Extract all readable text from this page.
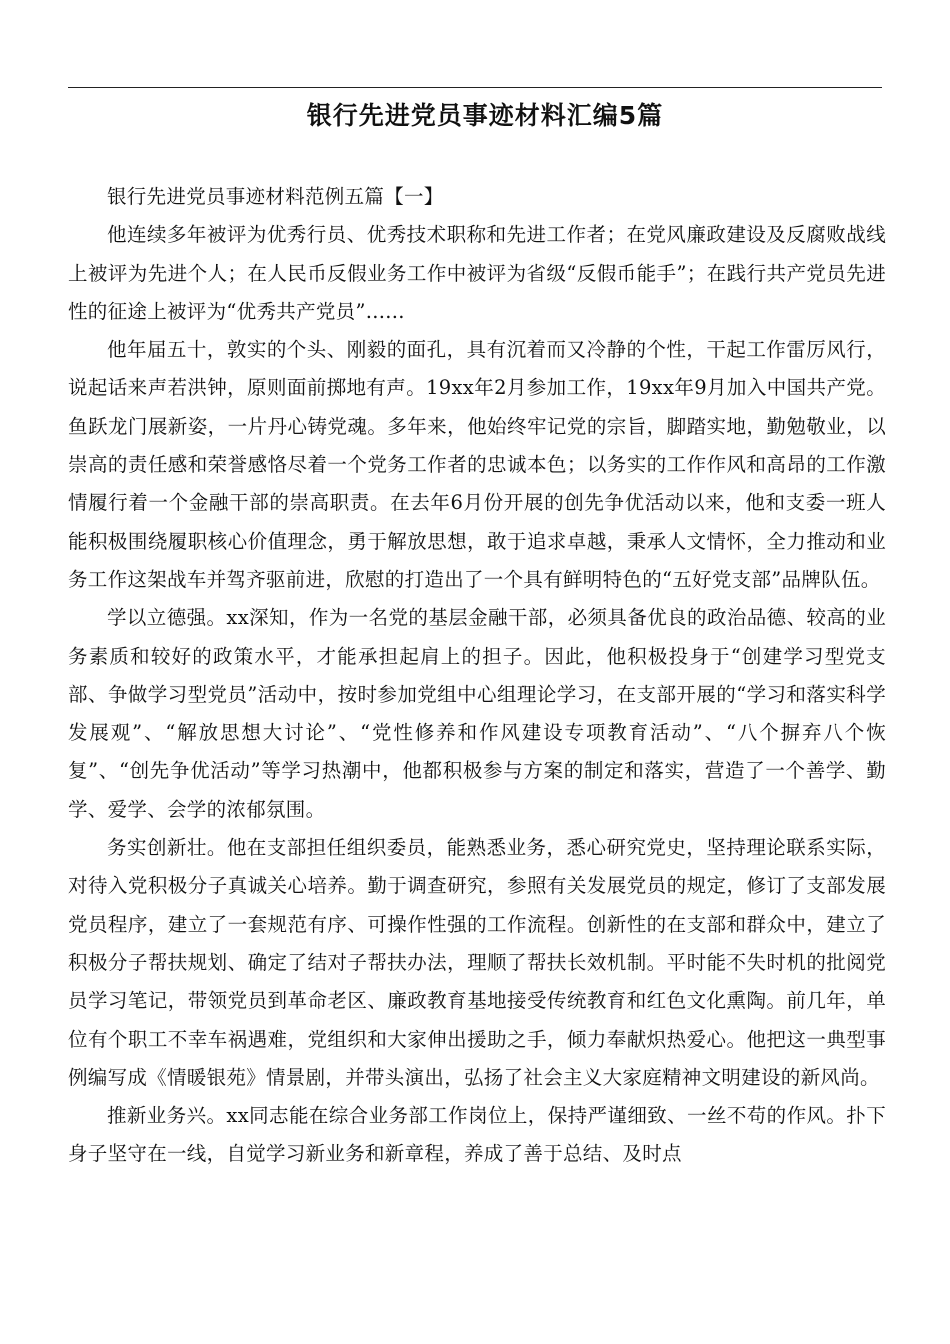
银行先进党员事迹材料汇编5篇

银行先进党员事迹材料范例五篇【一】

他连续多年被评为优秀行员、优秀技术职称和先进工作者；在党风廉政建设及反腐败战线上被评为先进个人；在人民币反假业务工作中被评为省级“反假币能手”；在践行共产党员先进性的征途上被评为“优秀共产党员”......

他年届五十，敦实的个头、刚毅的面孔，具有沉着而又冷静的个性，干起工作雷厉风行，说起话来声若洪钟，原则面前掷地有声。19xx年2月参加工作，19xx年9月加入中国共产党。鱼跃龙门展新姿，一片丹心铸党魂。多年来，他始终牢记党的宗旨，脚踏实地，勤勉敬业，以崇高的责任感和荣誉感恪尽着一个党务工作者的忠诚本色；以务实的工作作风和高昂的工作激情履行着一个金融干部的崇高职责。在去年6月份开展的创先争优活动以来，他和支委一班人能积极围绕履职核心价值理念，勇于解放思想，敢于追求卓越，秉承人文情怀，全力推动和业务工作这架战车并驾齐驱前进，欣慰的打造出了一个具有鲜明特色的“五好党支部”品牌队伍。

学以立德强。xx深知，作为一名党的基层金融干部，必须具备优良的政治品德、较高的业务素质和较好的政策水平，才能承担起肩上的担子。因此，他积极投身于“创建学习型党支部、争做学习型党员”活动中，按时参加党组中心组理论学习，在支部开展的“学习和落实科学发展观”、“解放思想大讨论”、“党性修养和作风建设专项教育活动”、“八个摒弃八个恢复”、“创先争优活动”等学习热潮中，他都积极参与方案的制定和落实，营造了一个善学、勤学、爱学、会学的浓郁氛围。

务实创新壮。他在支部担任组织委员，能熟悉业务，悉心研究党史，坚持理论联系实际，对待入党积极分子真诚关心培养。勤于调查研究，参照有关发展党员的规定，修订了支部发展党员程序，建立了一套规范有序、可操作性强的工作流程。创新性的在支部和群众中，建立了积极分子帮扶规划、确定了结对子帮扶办法，理顺了帮扶长效机制。平时能不失时机的批阅党员学习笔记，带领党员到革命老区、廉政教育基地接受传统教育和红色文化熏陶。前几年，单位有个职工不幸车祸遇难，党组织和大家伸出援助之手，倾力奉献炽热爱心。他把这一典型事例编写成《情暖银苑》情景剧，并带头演出，弘扬了社会主义大家庭精神文明建设的新风尚。

推新业务兴。xx同志能在综合业务部工作岗位上，保持严谨细致、一丝不苟的作风。扑下身子坚守在一线，自觉学习新业务和新章程，养成了善于总结、及时点
